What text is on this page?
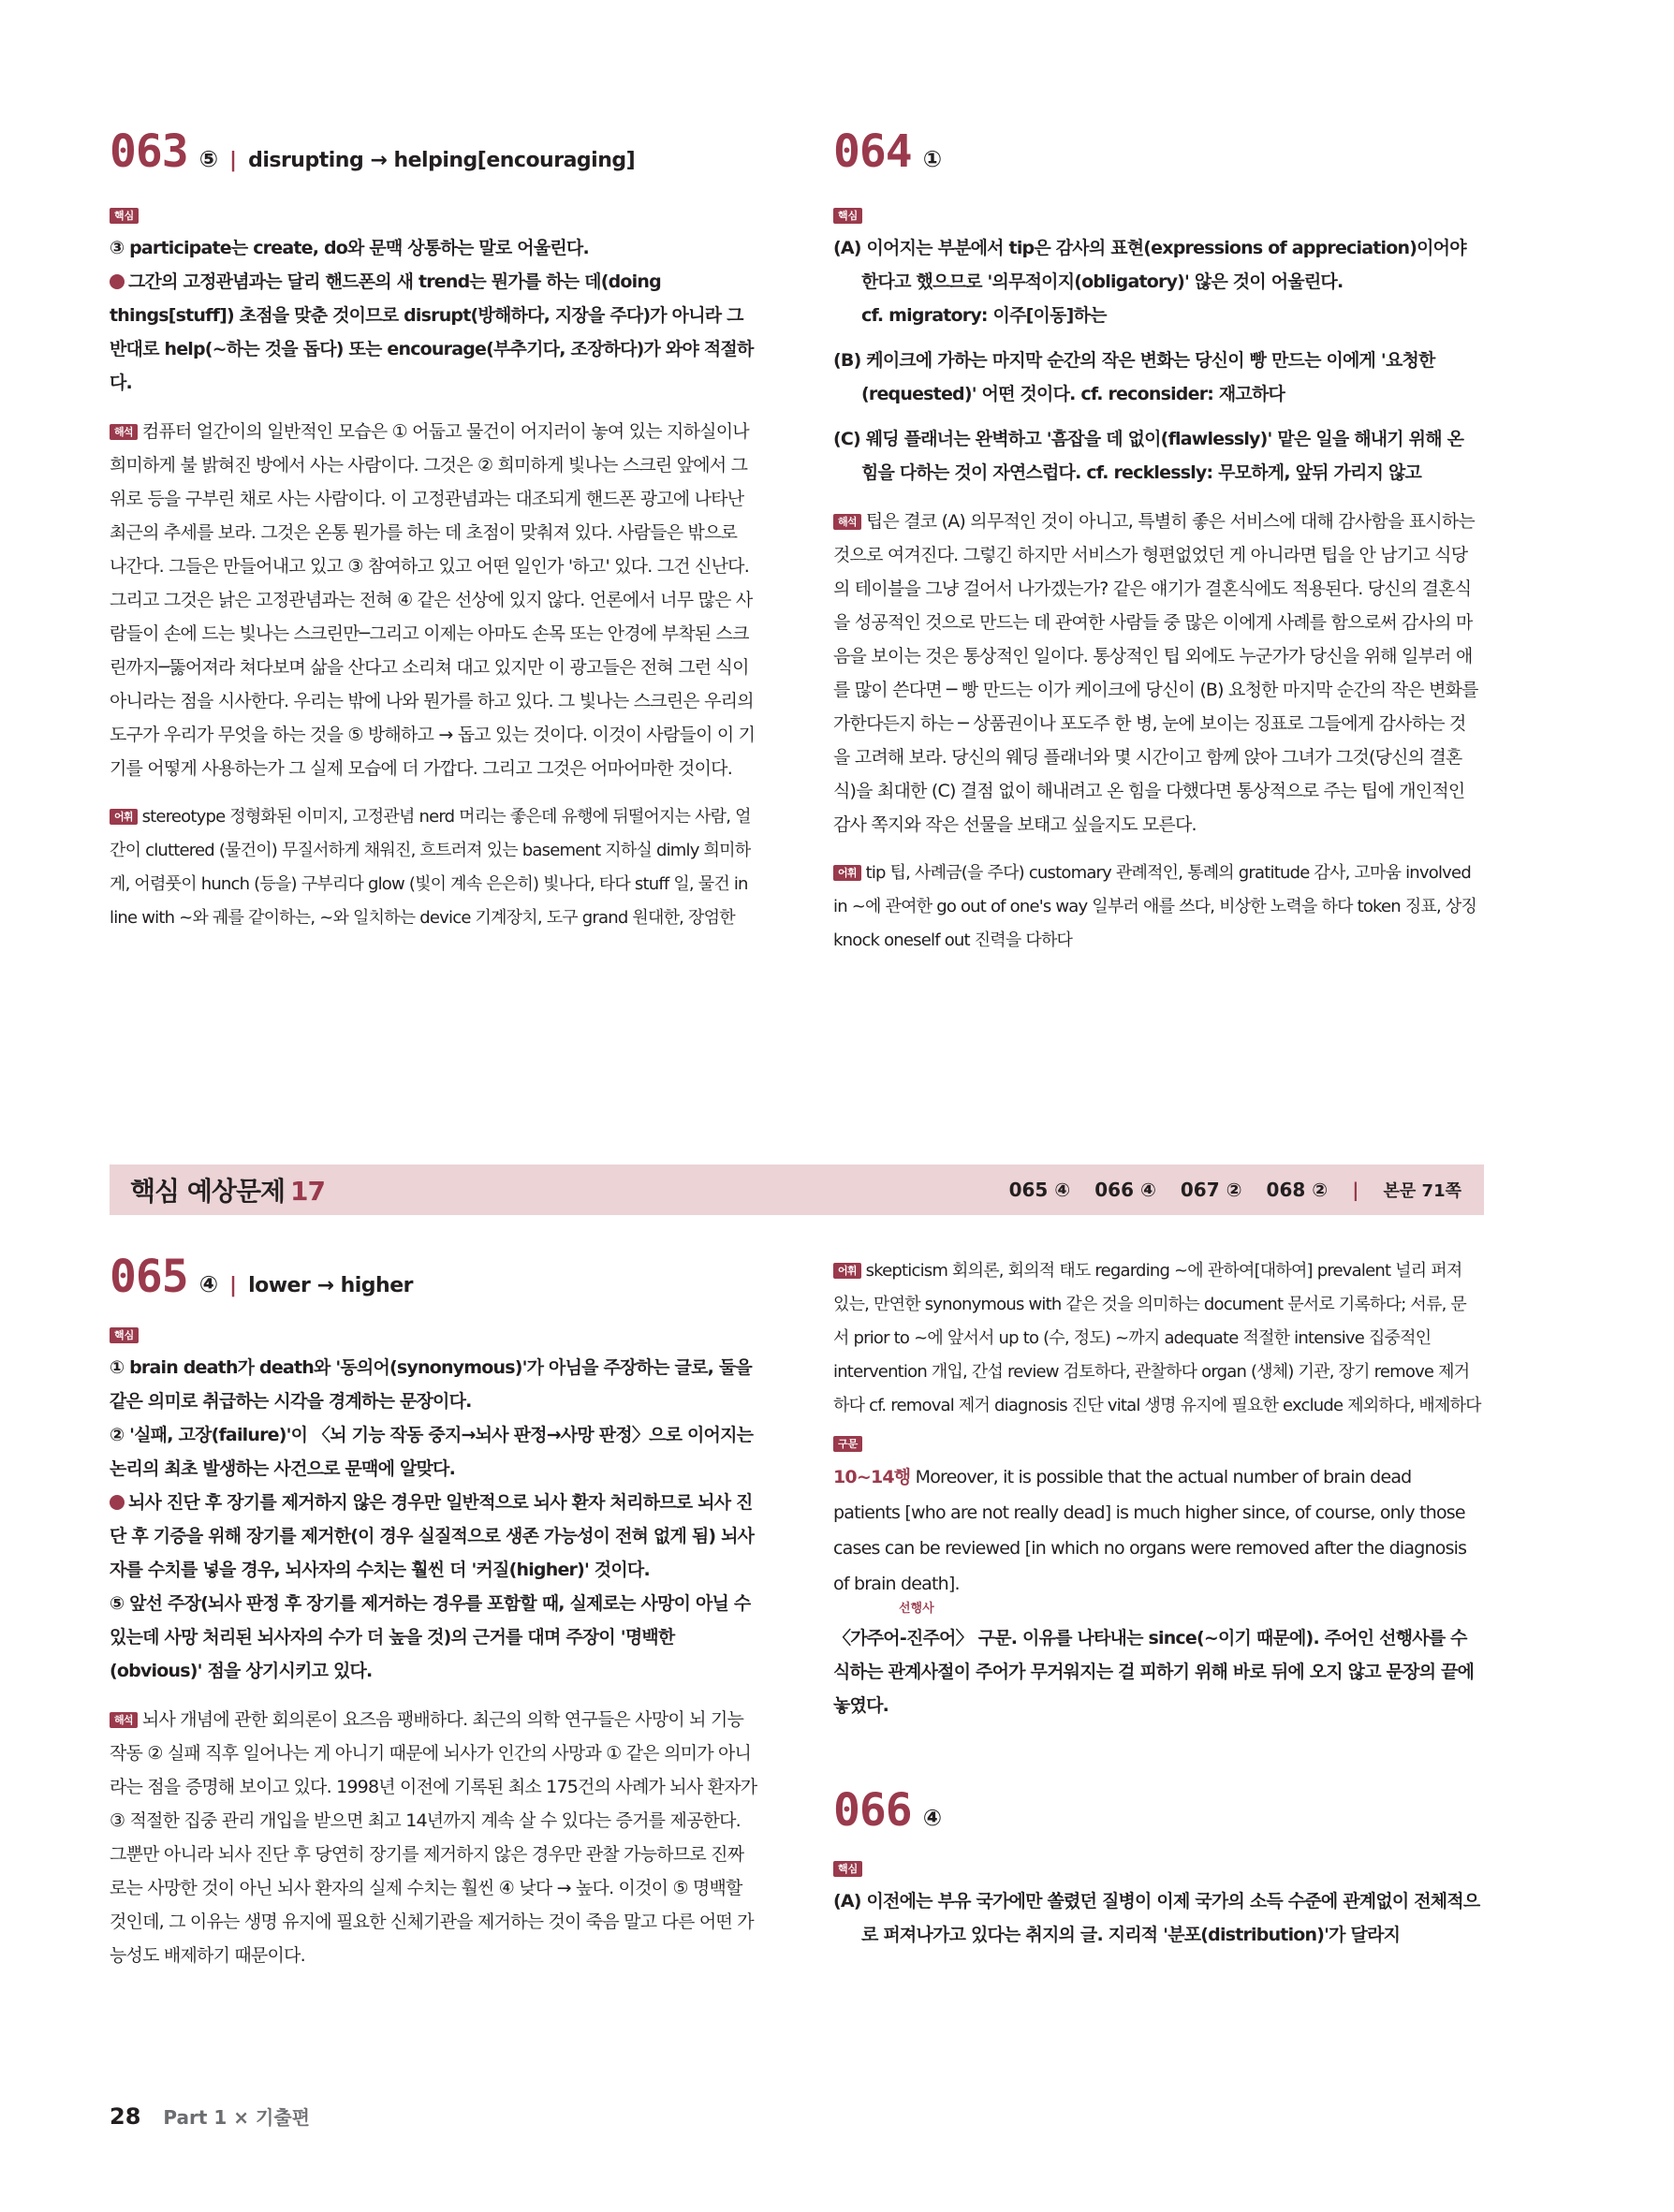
063 ⑤ | disrupting → helping[encouraging]
핵심

③ participate는 create, do와 문맥 상통하는 말로 어울린다.

그간의 고정관념과는 달리 핸드폰의 새 trend는 뭔가를 하는 데(doing things[stuff]) 초점을 맞춘 것이므로 disrupt(방해하다, 지장을 주다)가 아니라 그 반대로 help(~하는 것을 돕다) 또는 encourage(부추기다, 조장하다)가 와야 적절하다.

해석 컴퓨터 얼간이의 일반적인 모습은 ① 어둡고 물건이 어지러이 놓여 있는 지하실이나 희미하게 불 밝혀진 방에서 사는 사람이다. 그것은 ② 희미하게 빛나는 스크린 앞에서 그 위로 등을 구부린 채로 사는 사람이다. 이 고정관념과는 대조되게 핸드폰 광고에 나타난 최근의 추세를 보라. 그것은 온통 뭔가를 하는 데 초점이 맞춰져 있다. 사람들은 밖으로 나간다. 그들은 만들어내고 있고 ③ 참여하고 있고 어떤 일인가 '하고' 있다. 그건 신난다. 그리고 그것은 낡은 고정관념과는 전혀 ④ 같은 선상에 있지 않다. 언론에서 너무 많은 사람들이 손에 드는 빛나는 스크린만─그리고 이제는 아마도 손목 또는 안경에 부착된 스크린까지─뚫어져라 쳐다보며 삶을 산다고 소리쳐 대고 있지만 이 광고들은 전혀 그런 식이 아니라는 점을 시사한다. 우리는 밖에 나와 뭔가를 하고 있다. 그 빛나는 스크린은 우리의 도구가 우리가 무엇을 하는 것을 ⑤ 방해하고 → 돕고 있는 것이다. 이것이 사람들이 이 기기를 어떻게 사용하는가 그 실제 모습에 더 가깝다. 그리고 그것은 어마어마한 것이다.

어휘 stereotype 정형화된 이미지, 고정관념 nerd 머리는 좋은데 유행에 뒤떨어지는 사람, 얼간이 cluttered (물건이) 무질서하게 채워진, 흐트러져 있는 basement 지하실 dimly 희미하게, 어렴풋이 hunch (등을) 구부리다 glow (빛이 계속 은은히) 빛나다, 타다 stuff 일, 물건 in line with ~와 궤를 같이하는, ~와 일치하는 device 기계장치, 도구 grand 원대한, 장엄한

064 ①
핵심

(A) 이어지는 부분에서 tip은 감사의 표현(expressions of appreciation)이어야 한다고 했으므로 '의무적이지(obligatory)' 않은 것이 어울린다.

cf. migratory: 이주[이동]하는

(B) 케이크에 가하는 마지막 순간의 작은 변화는 당신이 빵 만드는 이에게 '요청한(requested)' 어떤 것이다. cf. reconsider: 재고하다

(C) 웨딩 플래너는 완벽하고 '흠잡을 데 없이(flawlessly)' 맡은 일을 해내기 위해 온 힘을 다하는 것이 자연스럽다. cf. recklessly: 무모하게, 앞뒤 가리지 않고

해석 팁은 결코 (A) 의무적인 것이 아니고, 특별히 좋은 서비스에 대해 감사함을 표시하는 것으로 여겨진다. 그렇긴 하지만 서비스가 형편없었던 게 아니라면 팁을 안 남기고 식당의 테이블을 그냥 걸어서 나가겠는가? 같은 얘기가 결혼식에도 적용된다. 당신의 결혼식을 성공적인 것으로 만드는 데 관여한 사람들 중 많은 이에게 사례를 함으로써 감사의 마음을 보이는 것은 통상적인 일이다. 통상적인 팁 외에도 누군가가 당신을 위해 일부러 애를 많이 쓴다면 ─ 빵 만드는 이가 케이크에 당신이 (B) 요청한 마지막 순간의 작은 변화를 가한다든지 하는 ─ 상품권이나 포도주 한 병, 눈에 보이는 징표로 그들에게 감사하는 것을 고려해 보라. 당신의 웨딩 플래너와 몇 시간이고 함께 앉아 그녀가 그것(당신의 결혼식)을 최대한 (C) 결점 없이 해내려고 온 힘을 다했다면 통상적으로 주는 팁에 개인적인 감사 쪽지와 작은 선물을 보태고 싶을지도 모른다.

어휘 tip 팁, 사례금(을 주다) customary 관례적인, 통례의 gratitude 감사, 고마움 involved in ~에 관여한 go out of one's way 일부러 애를 쓰다, 비상한 노력을 하다 token 징표, 상징 knock oneself out 진력을 다하다

핵심 예상문제 17	065 ④ 066 ④ 067 ② 068 ② | 본문 71쪽
065 ④ | lower → higher
핵심

① brain death가 death와 '동의어(synonymous)'가 아님을 주장하는 글로, 둘을 같은 의미로 취급하는 시각을 경계하는 문장이다.

② '실패, 고장(failure)'이 〈뇌 기능 작동 중지→뇌사 판정→사망 판정〉으로 이어지는 논리의 최초 발생하는 사건으로 문맥에 알맞다.

뇌사 진단 후 장기를 제거하지 않은 경우만 일반적으로 뇌사 환자 처리하므로 뇌사 진단 후 기증을 위해 장기를 제거한(이 경우 실질적으로 생존 가능성이 전혀 없게 됨) 뇌사자를 수치를 넣을 경우, 뇌사자의 수치는 훨씬 더 '커질(higher)' 것이다.

⑤ 앞선 주장(뇌사 판정 후 장기를 제거하는 경우를 포함할 때, 실제로는 사망이 아닐 수 있는데 사망 처리된 뇌사자의 수가 더 높을 것)의 근거를 대며 주장이 '명백한(obvious)' 점을 상기시키고 있다.

해석 뇌사 개념에 관한 회의론이 요즈음 팽배하다. 최근의 의학 연구들은 사망이 뇌 기능 작동 ② 실패 직후 일어나는 게 아니기 때문에 뇌사가 인간의 사망과 ① 같은 의미가 아니라는 점을 증명해 보이고 있다. 1998년 이전에 기록된 최소 175건의 사례가 뇌사 환자가 ③ 적절한 집중 관리 개입을 받으면 최고 14년까지 계속 살 수 있다는 증거를 제공한다. 그뿐만 아니라 뇌사 진단 후 당연히 장기를 제거하지 않은 경우만 관찰 가능하므로 진짜로는 사망한 것이 아닌 뇌사 환자의 실제 수치는 훨씬 ④ 낮다 → 높다. 이것이 ⑤ 명백할 것인데, 그 이유는 생명 유지에 필요한 신체기관을 제거하는 것이 죽음 말고 다른 어떤 가능성도 배제하기 때문이다.

어휘 skepticism 회의론, 회의적 태도 regarding ~에 관하여[대하여] prevalent 널리 퍼져 있는, 만연한 synonymous with 같은 것을 의미하는 document 문서로 기록하다; 서류, 문서 prior to ~에 앞서서 up to (수, 정도) ~까지 adequate 적절한 intensive 집중적인 intervention 개입, 간섭 review 검토하다, 관찰하다 organ (생체) 기관, 장기 remove 제거하다 cf. removal 제거 diagnosis 진단 vital 생명 유지에 필요한 exclude 제외하다, 배제하다

구문

10~14행 Moreover, it is possible that the actual number of brain dead patients [who are not really dead] is much higher since, of course, only those cases can be reviewed [in which no organs were removed after the diagnosis of brain death].

선행사

〈가주어-진주어〉 구문. 이유를 나타내는 since(~이기 때문에). 주어인 선행사를 수식하는 관계사절이 주어가 무거워지는 걸 피하기 위해 바로 뒤에 오지 않고 문장의 끝에 놓였다.

066 ④
핵심

(A) 이전에는 부유 국가에만 쏠렸던 질병이 이제 국가의 소득 수준에 관계없이 전체적으로 퍼져나가고 있다는 취지의 글. 지리적 '분포(distribution)'가 달라지

28 Part 1 × 기출편
